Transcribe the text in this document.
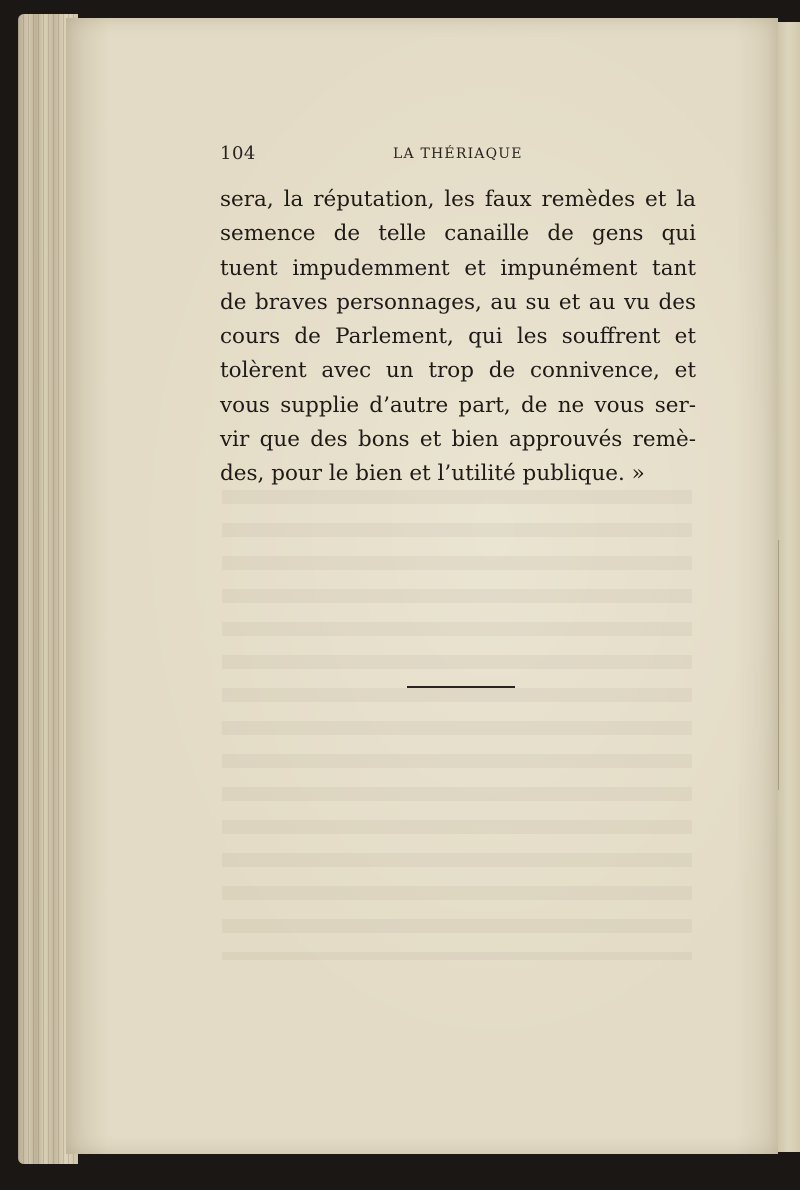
104	LA THÉRIAQUE
sera, la réputation, les faux remèdes et la
semence de telle canaille de gens qui
tuent impudemment et impunément tant
de braves personnages, au su et au vu des
cours de Parlement, qui les souffrent et
tolèrent avec un trop de connivence, et
vous supplie d’autre part, de ne vous ser-
vir que des bons et bien approuvés remè-
des, pour le bien et l’utilité publique. »
